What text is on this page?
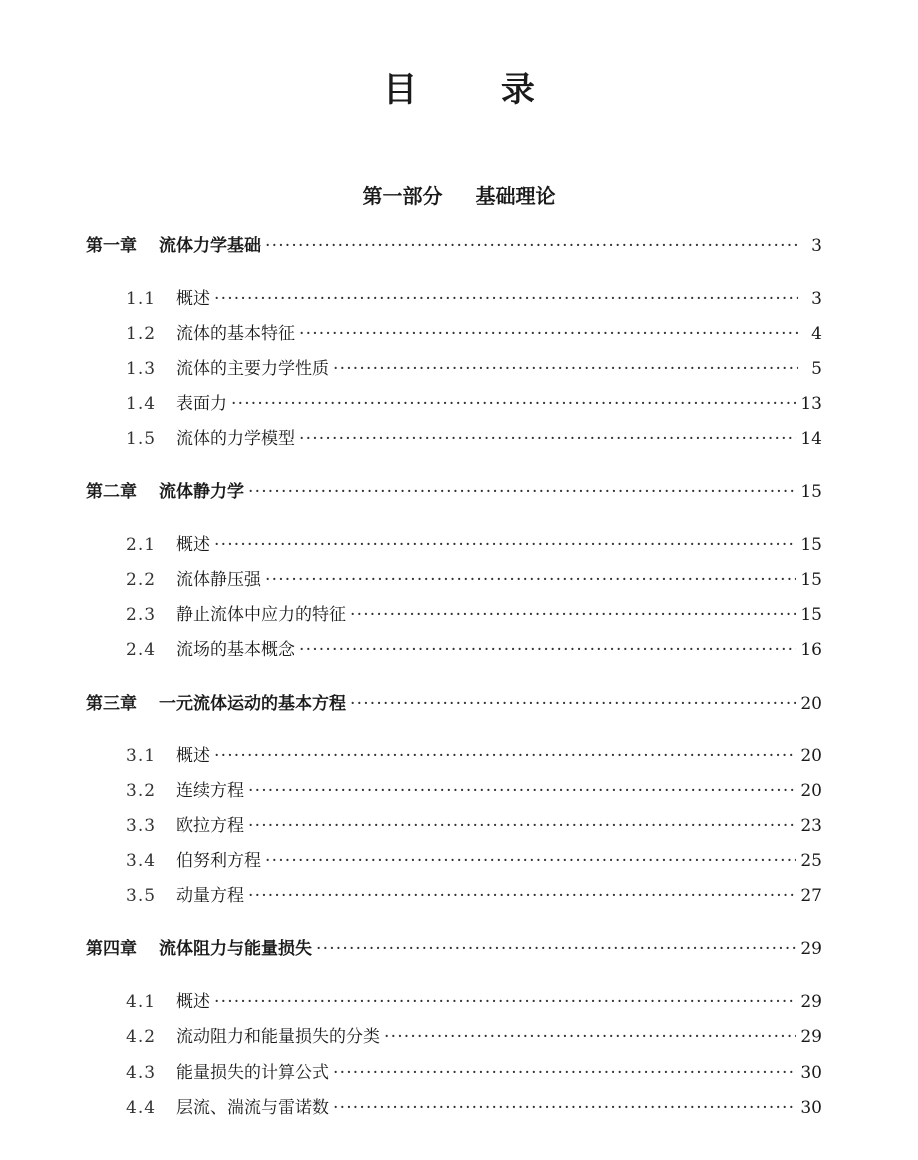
目 录
第一部分 基础理论
第一章 流体力学基础 ·····	3
1.1	概述 ·····	3
1.2	流体的基本特征 ·····	4
1.3	流体的主要力学性质 ·····	5
1.4	表面力 ·····	13
1.5	流体的力学模型 ·····	14
第二章 流体静力学 ·····	15
2.1	概述 ·····	15
2.2	流体静压强 ·····	15
2.3	静止流体中应力的特征 ·····	15
2.4	流场的基本概念 ·····	16
第三章 一元流体运动的基本方程 ·····	20
3.1	概述 ·····	20
3.2	连续方程 ·····	20
3.3	欧拉方程 ·····	23
3.4	伯努利方程 ·····	25
3.5	动量方程 ·····	27
第四章 流体阻力与能量损失 ·····	29
4.1	概述 ·····	29
4.2	流动阻力和能量损失的分类 ·····	29
4.3	能量损失的计算公式 ·····	30
4.4	层流、湍流与雷诺数 ·····	30
